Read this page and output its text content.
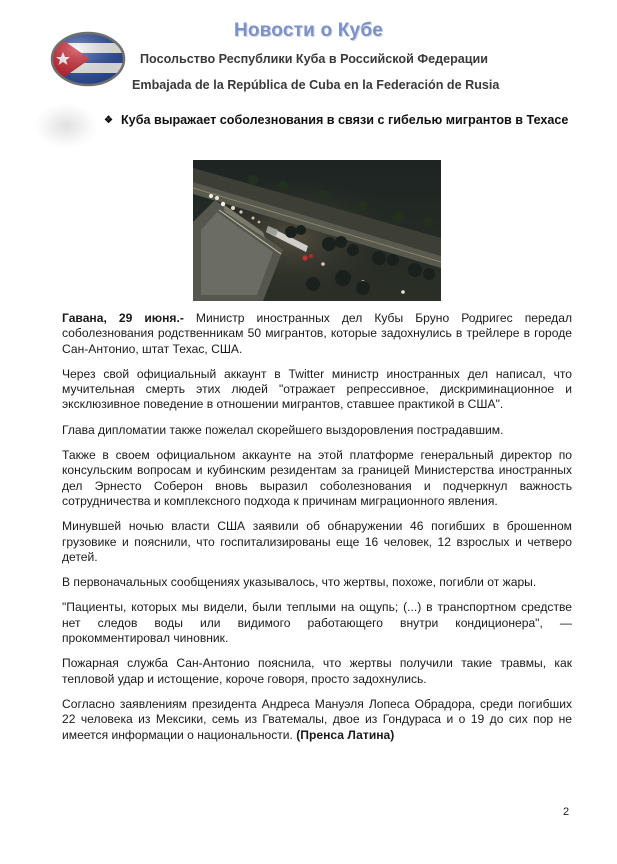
Новости о Кубе
Посольство Республики Куба в Российской Федерации
Embajada de la República de Cuba en la Federación de Rusia
❖ Куба выражает соболезнования в связи с гибелью мигрантов в Техасе

Гавана, 29 июня.- Министр иностранных дел Кубы Бруно Родригес передал соболезнования родственникам 50 мигрантов, которые задохнулись в трейлере в городе Сан-Антонио, штат Техас, США.

Через свой официальный аккаунт в Twitter министр иностранных дел написал, что мучительная смерть этих людей "отражает репрессивное, дискриминационное и эксклюзивное поведение в отношении мигрантов, ставшее практикой в США".

Глава дипломатии также пожелал скорейшего выздоровления пострадавшим.

Также в своем официальном аккаунте на этой платформе генеральный директор по консульским вопросам и кубинским резидентам за границей Министерства иностранных дел Эрнесто Соберон вновь выразил соболезнования и подчеркнул важность сотрудничества и комплексного подхода к причинам миграционного явления.

Минувшей ночью власти США заявили об обнаружении 46 погибших в брошенном грузовике и пояснили, что госпитализированы еще 16 человек, 12 взрослых и четверо детей.

В первоначальных сообщениях указывалось, что жертвы, похоже, погибли от жары.

"Пациенты, которых мы видели, были теплыми на ощупь; (...) в транспортном средстве нет следов воды или видимого работающего внутри кондиционера", — прокомментировал чиновник.

Пожарная служба Сан-Антонио пояснила, что жертвы получили такие травмы, как тепловой удар и истощение, короче говоря, просто задохнулись.

Согласно заявлениям президента Андреса Мануэля Лопеса Обрадора, среди погибших 22 человека из Мексики, семь из Гватемалы, двое из Гондураса и о 19 до сих пор не имеется информации о национальности. (Пренса Латина)

2
